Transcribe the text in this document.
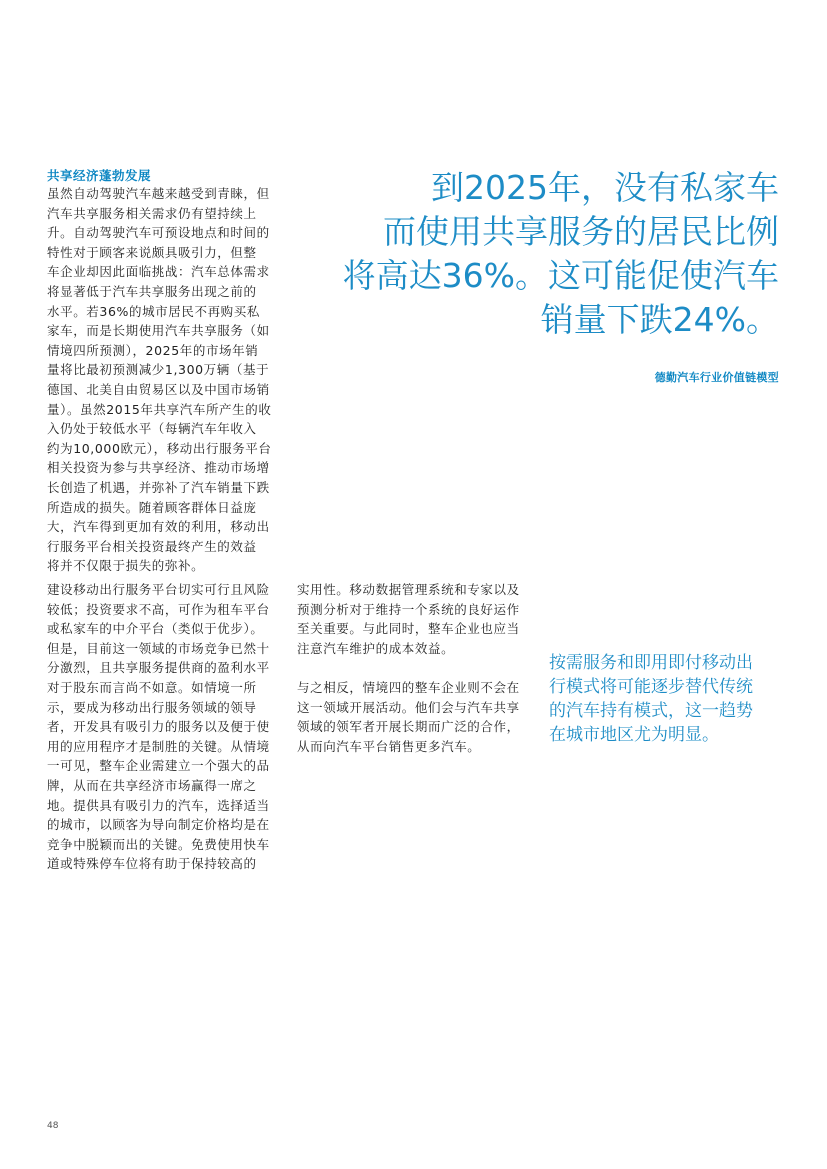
共享经济蓬勃发展
虽然自动驾驶汽车越来越受到青睐，但
汽车共享服务相关需求仍有望持续上
升。自动驾驶汽车可预设地点和时间的
特性对于顾客来说颇具吸引力，但整
车企业却因此面临挑战：汽车总体需求
将显著低于汽车共享服务出现之前的
水平。若36%的城市居民不再购买私
家车，而是长期使用汽车共享服务（如
情境四所预测），2025年的市场年销
量将比最初预测减少1,300万辆（基于
德国、北美自由贸易区以及中国市场销
量）。虽然2015年共享汽车所产生的收
入仍处于较低水平（每辆汽车年收入
约为10,000欧元），移动出行服务平台
相关投资为参与共享经济、推动市场增
长创造了机遇，并弥补了汽车销量下跌
所造成的损失。随着顾客群体日益庞
大，汽车得到更加有效的利用，移动出
行服务平台相关投资最终产生的效益
将并不仅限于损失的弥补。
到2025年，没有私家车
而使用共享服务的居民比例
将高达36%。这可能促使汽车
销量下跌24%。
德勤汽车行业价值链模型
建设移动出行服务平台切实可行且风险
较低；投资要求不高，可作为租车平台
或私家车的中介平台（类似于优步）。
但是，目前这一领域的市场竞争已然十
分激烈，且共享服务提供商的盈利水平
对于股东而言尚不如意。如情境一所
示，要成为移动出行服务领域的领导
者，开发具有吸引力的服务以及便于使
用的应用程序才是制胜的关键。从情境
一可见，整车企业需建立一个强大的品
牌，从而在共享经济市场赢得一席之
地。提供具有吸引力的汽车，选择适当
的城市，以顾客为导向制定价格均是在
竞争中脱颖而出的关键。免费使用快车
道或特殊停车位将有助于保持较高的
实用性。移动数据管理系统和专家以及
预测分析对于维持一个系统的良好运作
至关重要。与此同时，整车企业也应当
注意汽车维护的成本效益。
与之相反，情境四的整车企业则不会在
这一领域开展活动。他们会与汽车共享
领域的领军者开展长期而广泛的合作，
从而向汽车平台销售更多汽车。
按需服务和即用即付移动出
行模式将可能逐步替代传统
的汽车持有模式，这一趋势
在城市地区尤为明显。
48
